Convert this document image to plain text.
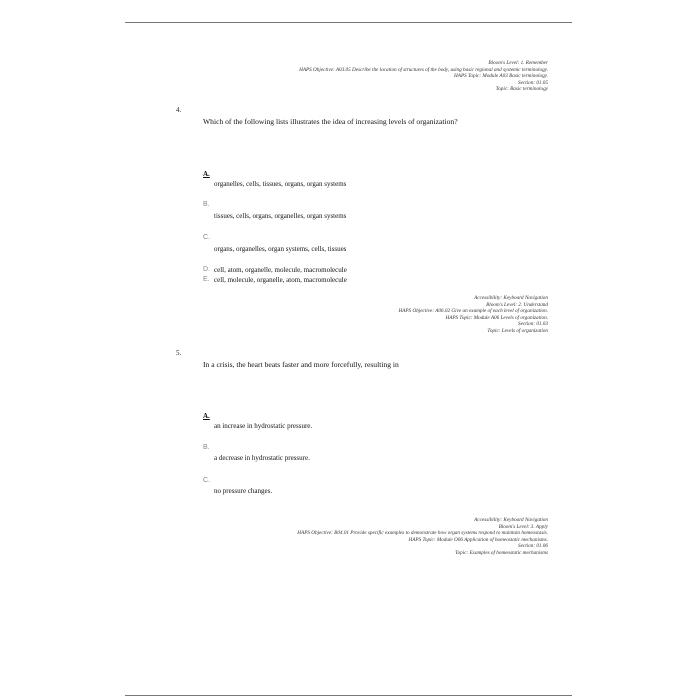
Bloom's Level: 1. Remember
HAPS Objective: A03.05 Describe the location of structures of the body, using basic regional and systemic terminology.
HAPS Topic: Module A03 Basic terminology.
Section: 01.05
Topic: Basic terminology
4.
Which of the following lists illustrates the idea of increasing levels of organization?
A.
organelles, cells, tissues, organs, organ systems
B.
tissues, cells, organs, organelles, organ systems
C.
organs, organelles, organ systems, cells, tissues
D. cell, atom, organelle, molecule, macromolecule
E. cell, molecule, organelle, atom, macromolecule
Accessibility: Keyboard Navigation
Bloom's Level: 2. Understand
HAPS Objective: A06.02 Give an example of each level of organization.
HAPS Topic: Module A06 Levels of organization.
Section: 01.03
Topic: Levels of organization
5.
In a crisis, the heart beats faster and more forcefully, resulting in
A.
an increase in hydrostatic pressure.
B.
a decrease in hydrostatic pressure.
C.
no pressure changes.
Accessibility: Keyboard Navigation
Bloom's Level: 3. Apply
HAPS Objective: B04.01 Provide specific examples to demonstrate how organ systems respond to maintain homeostasis.
HAPS Topic: Module O06 Application of homeostatic mechanisms.
Section: 01.06
Topic: Examples of homeostatic mechanisms
